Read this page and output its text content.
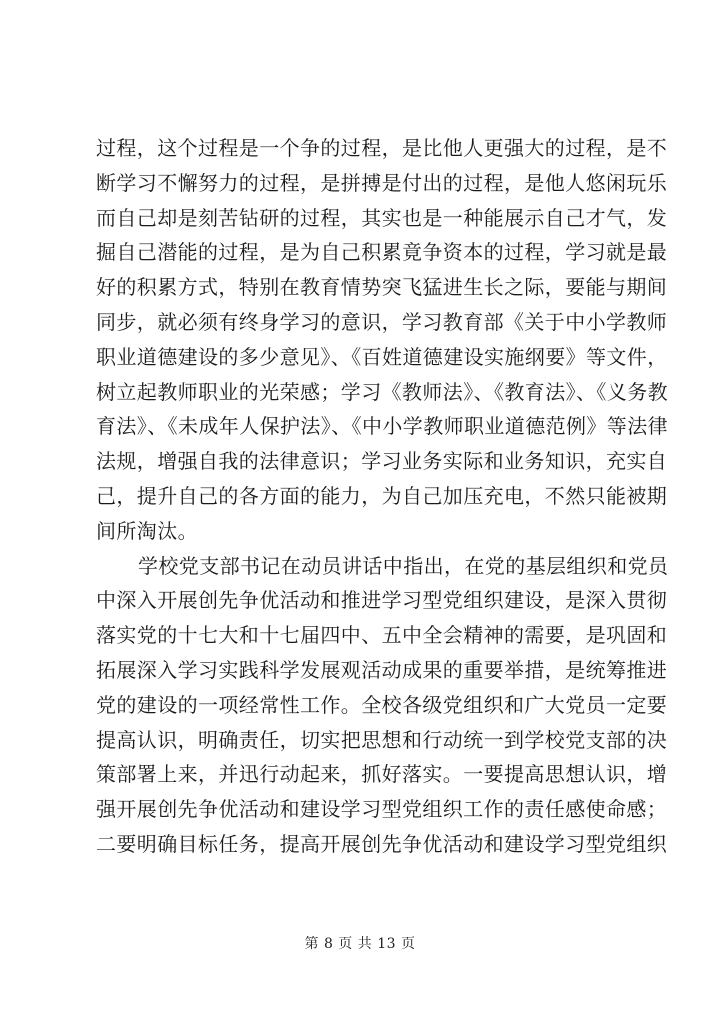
过程，这个过程是一个争的过程，是比他人更强大的过程，是不
断学习不懈努力的过程，是拼搏是付出的过程，是他人悠闲玩乐
而自己却是刻苦钻研的过程，其实也是一种能展示自己才气，发
掘自己潜能的过程，是为自己积累竟争资本的过程，学习就是最
好的积累方式，特别在教育情势突飞猛进生长之际，要能与期间
同步，就必须有终身学习的意识，学习教育部《关于中小学教师
职业道德建设的多少意见》、《百姓道德建设实施纲要》等文件，
树立起教师职业的光荣感；学习《教师法》、《教育法》、《义务教
育法》、《未成年人保护法》、《中小学教师职业道德范例》等法律
法规，增强自我的法律意识；学习业务实际和业务知识，充实自
己，提升自己的各方面的能力，为自己加压充电，不然只能被期
间所淘汰。
学校党支部书记在动员讲话中指出，在党的基层组织和党员
中深入开展创先争优活动和推进学习型党组织建设，是深入贯彻
落实党的十七大和十七届四中、五中全会精神的需要，是巩固和
拓展深入学习实践科学发展观活动成果的重要举措，是统筹推进
党的建设的一项经常性工作。全校各级党组织和广大党员一定要
提高认识，明确责任，切实把思想和行动统一到学校党支部的决
策部署上来，并迅行动起来，抓好落实。一要提高思想认识，增
强开展创先争优活动和建设学习型党组织工作的责任感使命感；
二要明确目标任务，提高开展创先争优活动和建设学习型党组织
第 8 页 共 13 页
